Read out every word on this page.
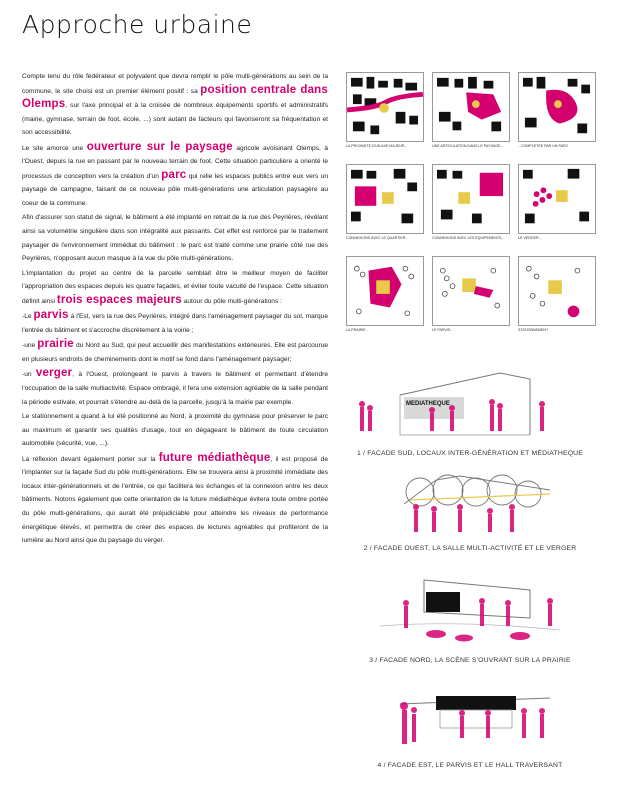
Approche urbaine

Compte tenu du rôle fédérateur et polyvalent que devra remplir le pôle multi-générations au sein de la commune, le site choisi est un premier élément positif : sa position centrale dans Olemps, sur l'axe principal et à la croisée de nombreux équipements sportifs et administratifs (mairie, gymnase, terrain de foot, école, ...) sont autant de facteurs qui favoriseront sa fréquentation et son accessibilité.

Le site amorce une ouverture sur le paysage agricole avoisinant Olemps, à l'Ouest, depuis la rue en passant par le nouveau terrain de foot. Cette situation particulière a orienté le processus de conception vers la création d'un parc qui relie les espaces publics entre eux vers un paysage de campagne, faisant de ce nouveau pôle multi-générations une articulation paysagère au coeur de la commune.

Afin d'assurer son statut de signal, le bâtiment a été implanté en retrait de la rue des Peyrières, révélant ainsi sa volumétrie singulière dans son intégralité aux passants. Cet effet est renforcé par le traitement paysager de l'environnement immédiat du bâtiment : le parc est traité comme une prairie côté rue des Peyrières, n'opposant aucun masque à la vue du pôle multi-générations.

L'implantation du projet au centre de la parcelle semblait être le meilleur moyen de faciliter l'appropriation des espaces depuis les quatre façades, et éviter toute vacuité de l'espace. Cette situation définit ainsi trois espaces majeurs autour du pôle multi-générations :

-Le parvis à l'Est, vers la rue des Peyrières, intégré dans l'aménagement paysager du sol, marque l'entrée du bâtiment et s'accroche discrètement à la voirie ;

-une prairie du Nord au Sud, qui peut accueillir des manifestations extérieures. Elle est parcourue en plusieurs endroits de cheminements dont le motif se fond dans l'aménagement paysager;

-un verger, à l'Ouest, prolongeant le parvis à travers le bâtiment et permettant d'étendre l'occupation de la salle multiactivité. Espace ombragé, il fera une extension agréable de la salle pendant la période estivale, et pourrait s'étendre au-delà de la parcelle, jusqu'à la mairie par exemple.

Le stationnement a quand à lui été positionné au Nord, à proximité du gymnase pour préserver le parc au maximum et garantir ses qualités d'usage, tout en dégageant le bâtiment de toute circulation automobile (sécurité, vue, ...).

La réflexion devant également porter sur la future médiathèque, il est proposé de l'implanter sur la façade Sud du pôle multi-générations. Elle se trouvera ainsi à proximité immédiate des locaux inter-générationnels et de l'entrée, ce qui facilitera les échanges et la connexion entre les deux bâtiments. Notons également que cette orientation de la future médiathèque évitera toute ombre portée du pôle multi-générations, qui aurait été préjudiciable pour atteindre les niveaux de performance énergétique élevés, et permettra de créer des espaces de lectures agréables qui profiteront de la lumière au Nord ainsi que du paysage du verger.

LA PROXIMITÉ D'UN AXE MAJEUR...	UNE ARTICULATION DANS LE PAYSAGE...	...COMPLÉTÉE PAR UN PARC
CONNEXIONS AVEC LE QUARTIER...	CONNEXIONS AVEC LES ÉQUIPEMENTS...	LE VERGER...
LA PRAIRIE...	LE PARVIS...	STATIONNEMENT
MEDIATHEQUE
1 / FACADE SUD, LOCAUX INTER-GÉNÉRATION ET MÉDIATHEQUE
2 / FACADE OUEST, LA SALLE MULTI-ACTIVITÉ ET LE VERGER
3 / FACADE NORD, LA SCÈNE S'OUVRANT SUR LA PRAIRIE
4 / FACADE EST, LE PARVIS ET LE HALL TRAVERSANT
